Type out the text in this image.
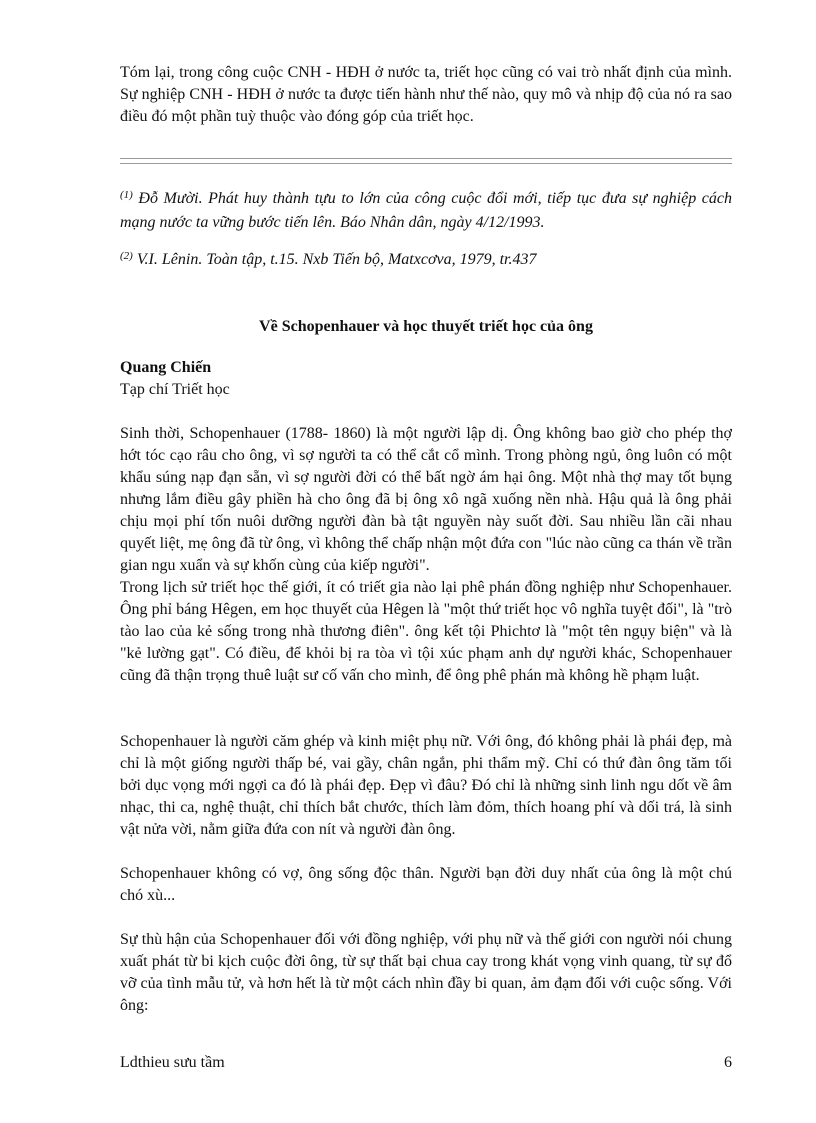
Tóm lại, trong công cuộc CNH - HĐH ở nước ta, triết học cũng có vai trò nhất định của mình. Sự nghiệp CNH - HĐH ở nước ta được tiến hành như thế nào, quy mô và nhịp độ của nó ra sao điều đó một phần tuỳ thuộc vào đóng góp của triết học.

$^{(1)}$ Đỗ Mười. Phát huy thành tựu to lớn của công cuộc đổi mới, tiếp tục đưa sự nghiệp cách mạng nước ta vững bước tiến lên. Báo Nhân dân, ngày 4/12/1993.

$^{(2)}$ V.I. Lênin. Toàn tập, t.15. Nxb Tiến bộ, Matxcơva, 1979, tr.437

Về Schopenhauer và học thuyết triết học của ông
Quang Chiến
Tạp chí Triết học

Sinh thời, Schopenhauer (1788- 1860) là một người lập dị. Ông không bao giờ cho phép thợ hớt tóc cạo râu cho ông, vì sợ người ta có thể cắt cổ mình. Trong phòng ngủ, ông luôn có một khẩu súng nạp đạn sẵn, vì sợ người đời có thể bất ngờ ám hại ông. Một nhà thợ may tốt bụng nhưng lắm điều gây phiền hà cho ông đã bị ông xô ngã xuống nền nhà. Hậu quả là ông phải chịu mọi phí tốn nuôi dưỡng người đàn bà tật nguyền này suốt đời. Sau nhiều lần cãi nhau quyết liệt, mẹ ông đã từ ông, vì không thể chấp nhận một đứa con "lúc nào cũng ca thán về trần gian ngu xuẩn và sự khốn cùng của kiếp người".

Trong lịch sử triết học thế giới, ít có triết gia nào lại phê phán đồng nghiệp như Schopenhauer. Ông phỉ báng Hêgen, em học thuyết của Hêgen là "một thứ triết học vô nghĩa tuyệt đối", là "trò tào lao của kẻ sống trong nhà thương điên". ông kết tội Phichtơ là "một tên ngụy biện" và là "kẻ lường gạt". Có điều, để khỏi bị ra tòa vì tội xúc phạm anh dự người khác, Schopenhauer cũng đã thận trọng thuê luật sư cố vấn cho mình, để ông phê phán mà không hề phạm luật.

Schopenhauer là người căm ghép và kinh miệt phụ nữ. Với ông, đó không phải là phái đẹp, mà chỉ là một giống người thấp bé, vai gầy, chân ngắn, phi thẩm mỹ. Chỉ có thứ đàn ông tăm tối bởi dục vọng mới ngợi ca đó là phái đẹp. Đẹp vì đâu? Đó chỉ là những sinh linh ngu dốt về âm nhạc, thi ca, nghệ thuật, chỉ thích bắt chước, thích làm đỏm, thích hoang phí và dối trá, là sinh vật nửa vời, nằm giữa đứa con nít và người đàn ông.

Schopenhauer không có vợ, ông sống độc thân. Người bạn đời duy nhất của ông là một chú chó xù...

Sự thù hận của Schopenhauer đối với đồng nghiệp, với phụ nữ và thế giới con người nói chung xuất phát từ bi kịch cuộc đời ông, từ sự thất bại chua cay trong khát vọng vinh quang, từ sự đổ vỡ của tình mẫu tử, và hơn hết là từ một cách nhìn đầy bi quan, ảm đạm đối với cuộc sống. Với ông:

Ldthieu sưu tầm	6
